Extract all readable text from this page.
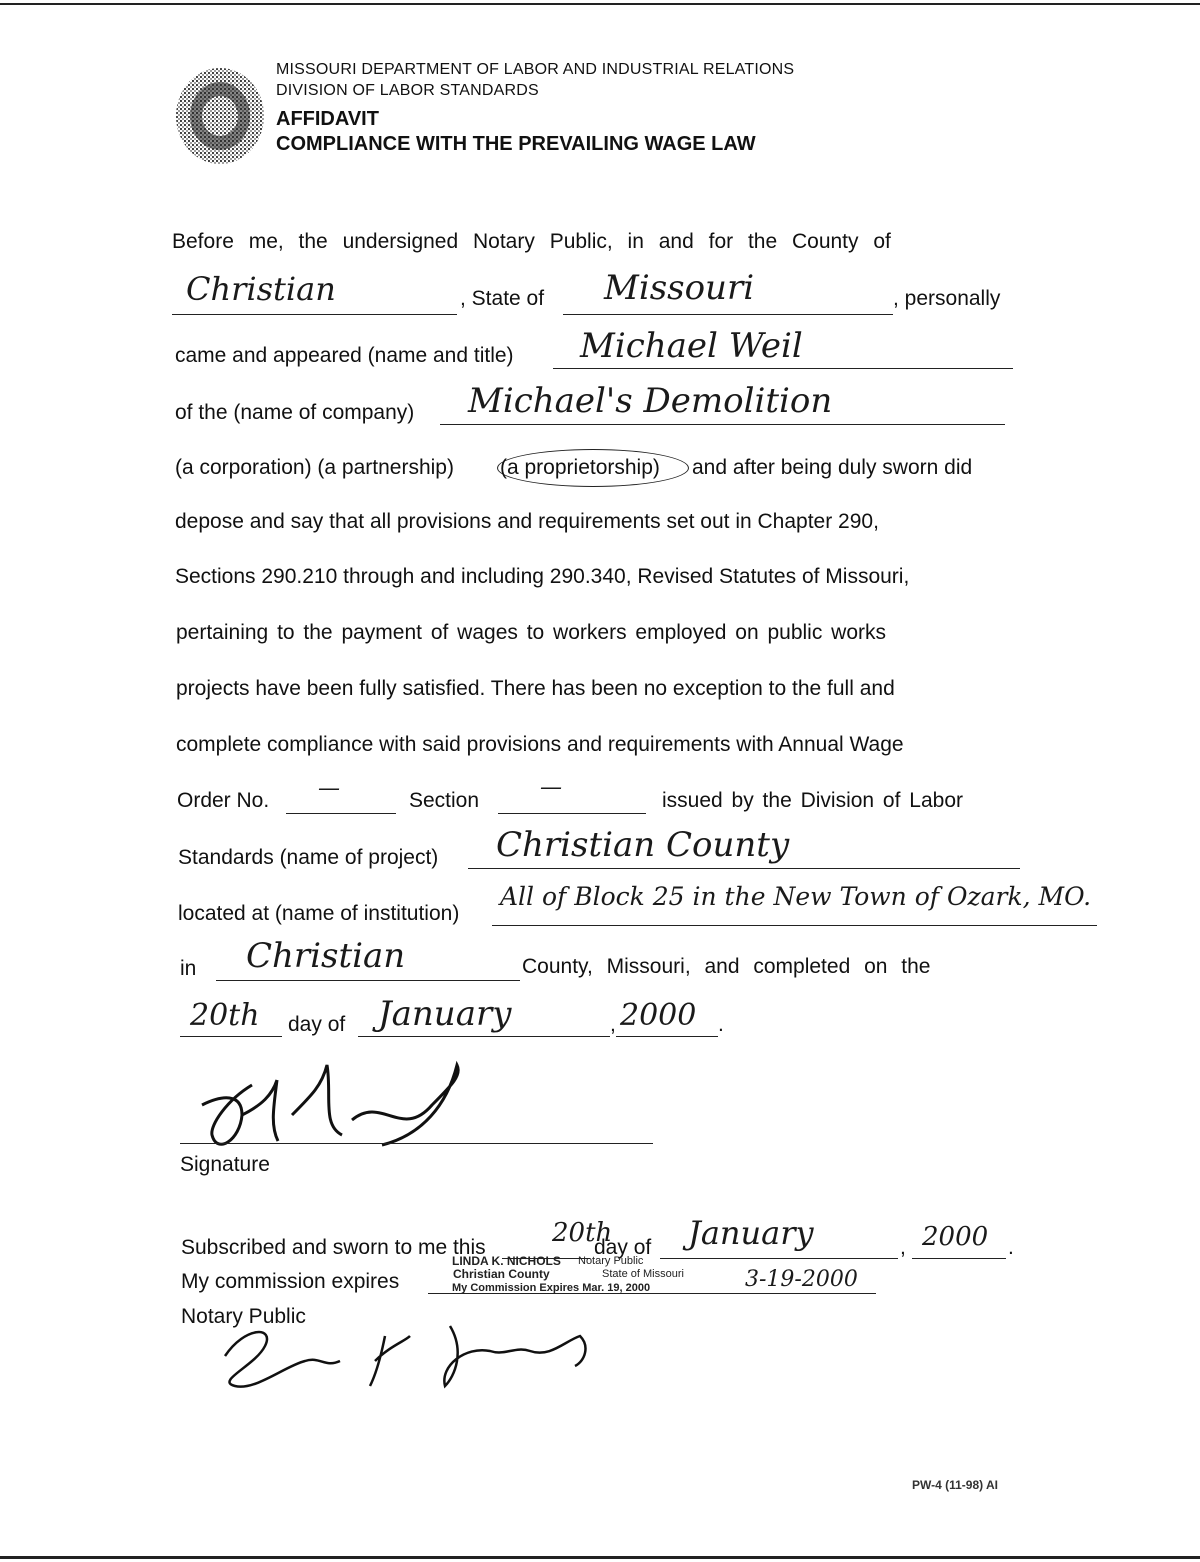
MISSOURI DEPARTMENT OF LABOR AND INDUSTRIAL RELATIONS
DIVISION OF LABOR STANDARDS
AFFIDAVIT
COMPLIANCE WITH THE PREVAILING WAGE LAW
Before me, the undersigned Notary Public, in and for the County of
Christian	, State of Missouri	, personally
came and appeared (name and title) Michael Weil
of the (name of company) Michael's Demolition
(a corporation) (a partnership) (a proprietorship) and after being duly sworn did
depose and say that all provisions and requirements set out in Chapter 290,
Sections 290.210 through and including 290.340, Revised Statutes of Missouri,
pertaining to the payment of wages to workers employed on public works
projects have been fully satisfied. There has been no exception to the full and
complete compliance with said provisions and requirements with Annual Wage
Order No. —	Section
—
issued by the Division of Labor
Standards (name of project) Christian County
located at (name of institution)
All of Block 25 in the New Town of Ozark, MO.
in Christian	County, Missouri, and completed on the
20th day of January	, 2000 .
Signature
Subscribed and sworn to me this	20th
day of January	, 2000 .
LINDA K. NICHOLS Notary Public
Christian County	State of Missouri
My Commission Expires Mar. 19, 2000
My commission expires	3-19-2000
Notary Public
PW-4 (11-98) AI
